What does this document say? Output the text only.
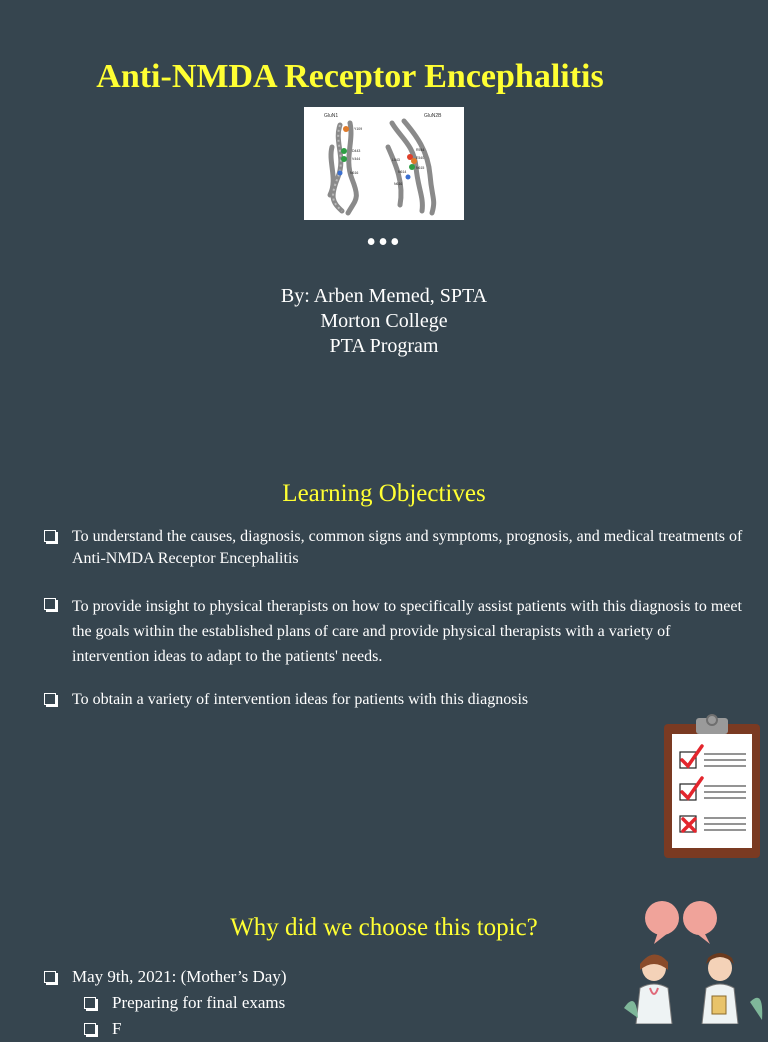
Anti-NMDA Receptor Encephalitis
GluN1	GluN2B
Y109
D443
V444
N616
R544
L543	E540
N614
N615
N616
•••
By: Arben Memed, SPTA
Morton College
PTA Program
Learning Objectives
To understand the causes, diagnosis, common signs and symptoms, prognosis, and medical treatments of Anti-NMDA Receptor Encephalitis
To provide insight to physical therapists on how to specifically assist patients with this diagnosis to meet the goals within the established plans of care and provide physical therapists with a variety of intervention ideas to adapt to the patients' needs.
To obtain a variety of intervention ideas for patients with this diagnosis
Why did we choose this topic?
May 9th, 2021: (Mother’s Day)
Preparing for final exams
F
